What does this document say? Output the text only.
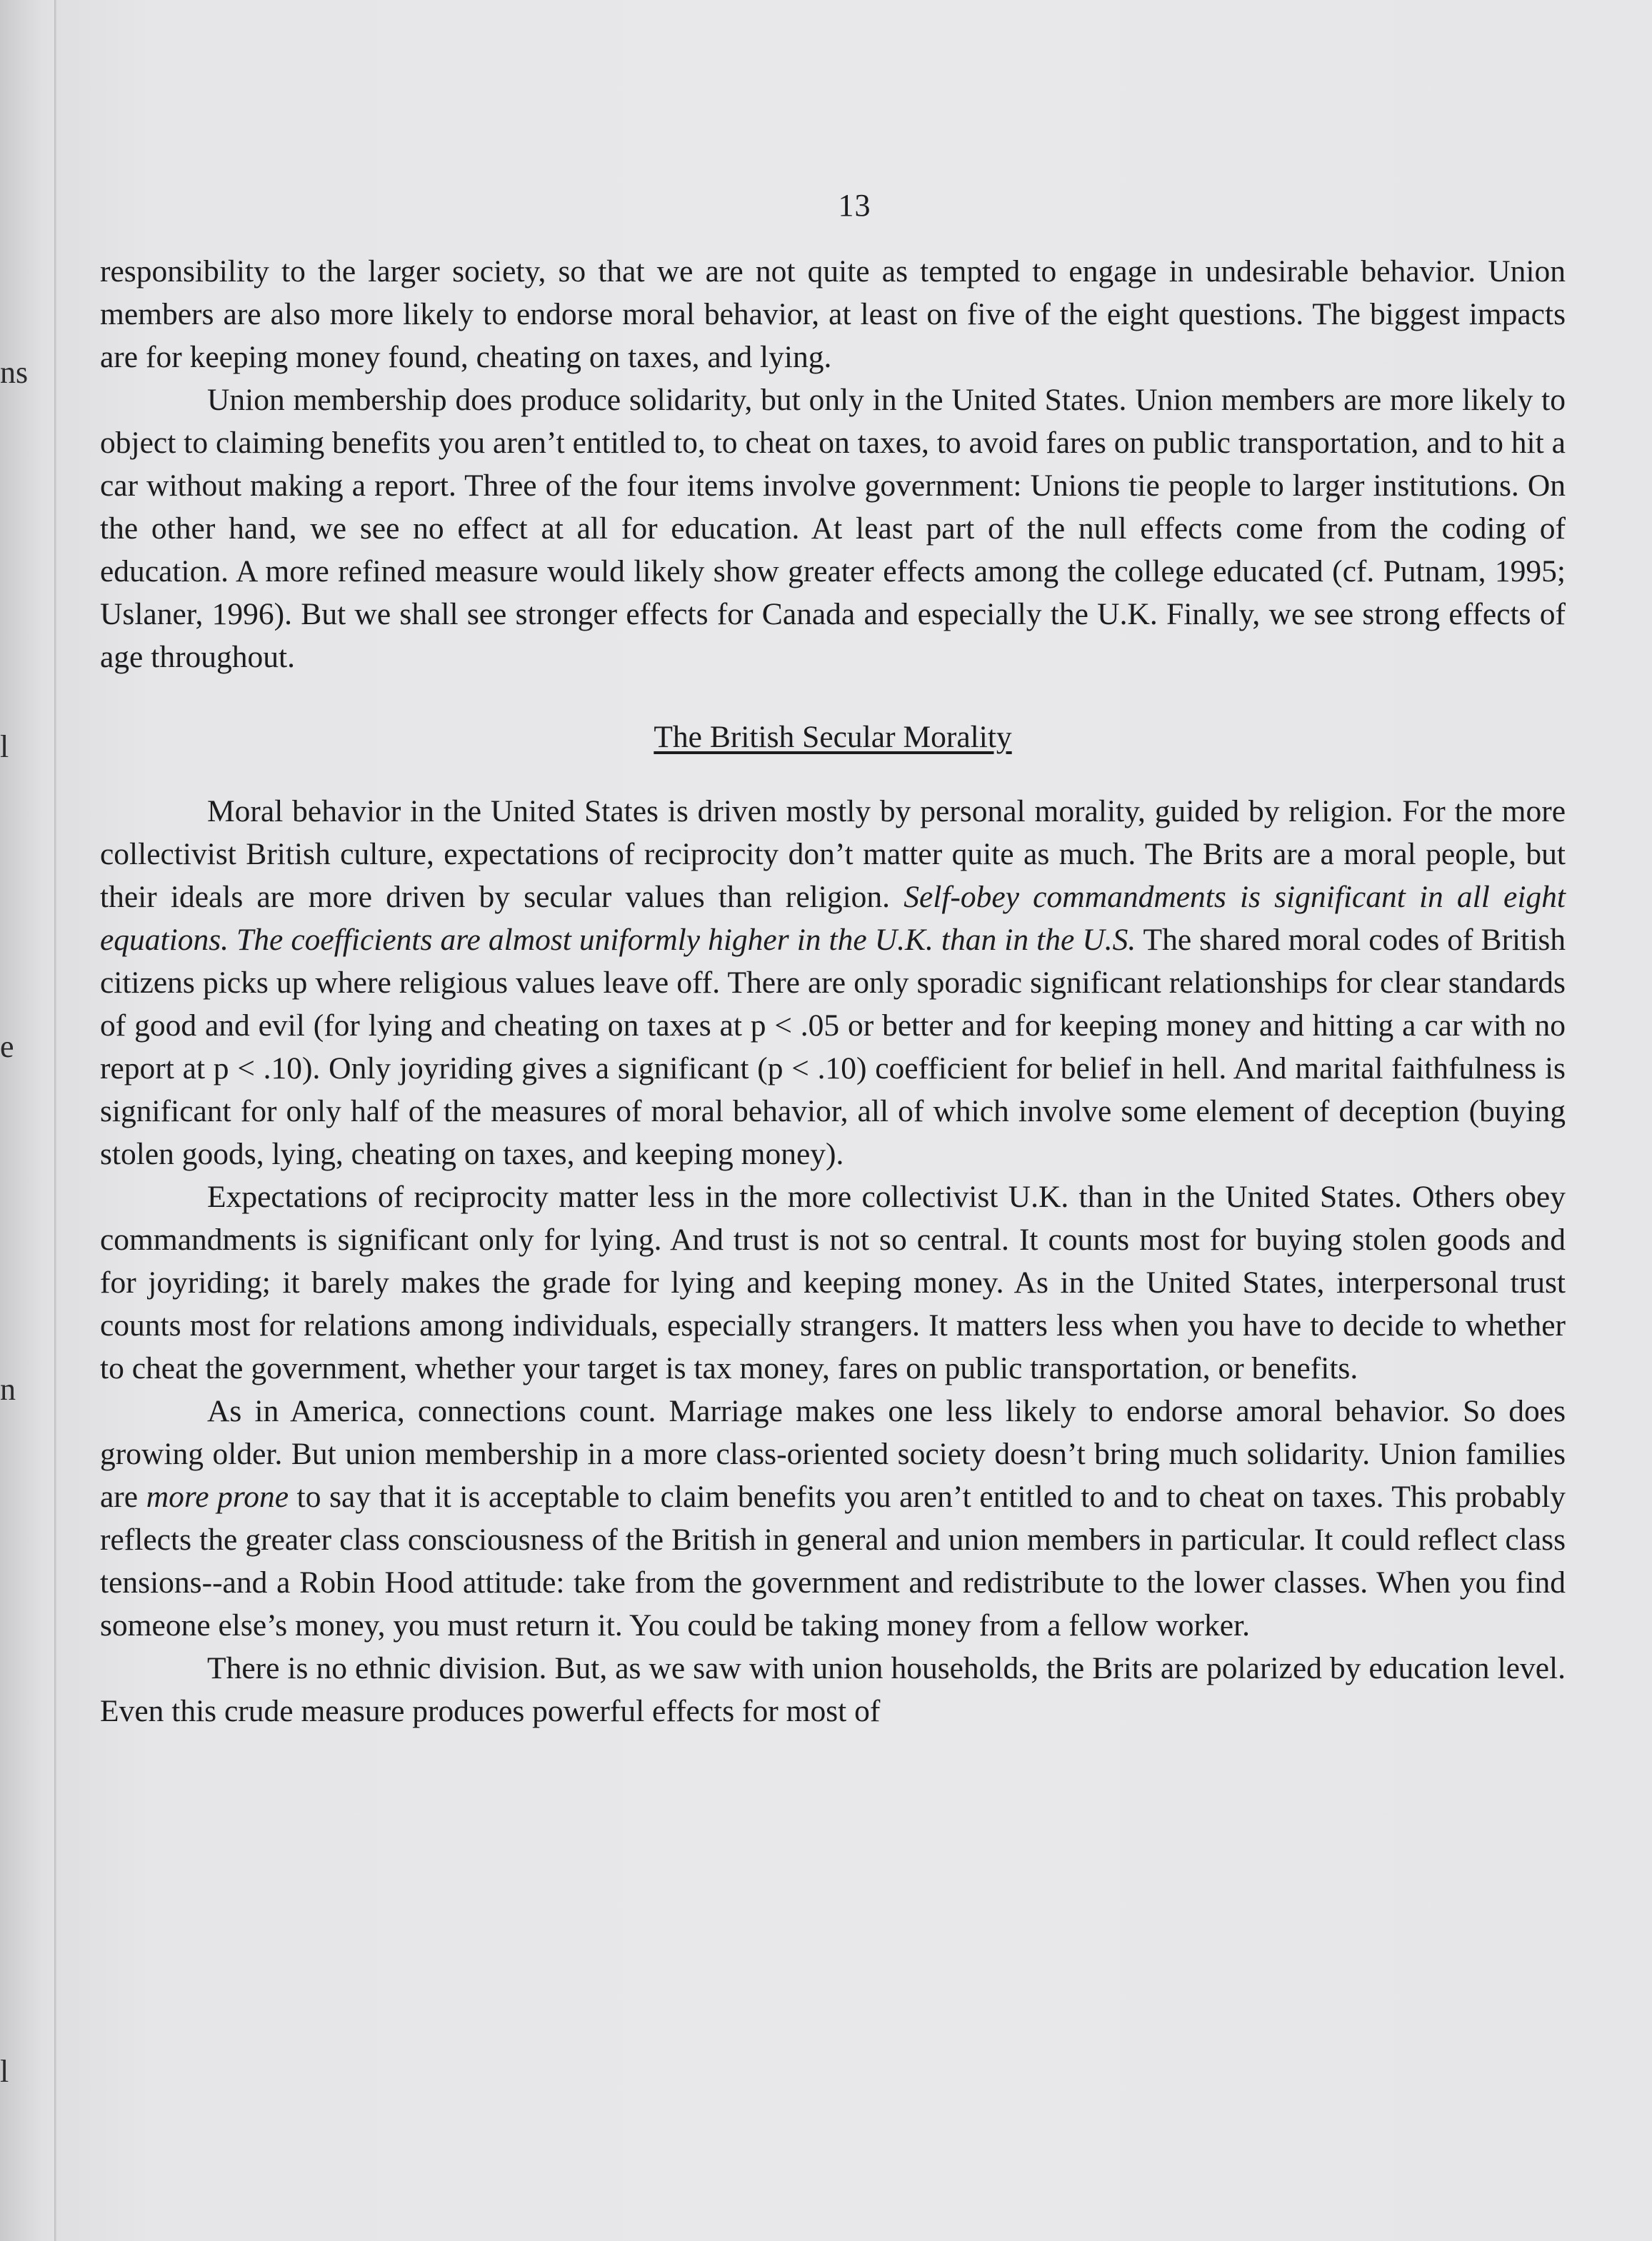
ns
l
e
n
l
13

responsibility to the larger society, so that we are not quite as tempted to engage in undesirable behavior. Union members are also more likely to endorse moral behavior, at least on five of the eight questions. The biggest impacts are for keeping money found, cheating on taxes, and lying.

Union membership does produce solidarity, but only in the United States. Union members are more likely to object to claiming benefits you aren’t entitled to, to cheat on taxes, to avoid fares on public transportation, and to hit a car without making a report. Three of the four items involve government: Unions tie people to larger institutions. On the other hand, we see no effect at all for education. At least part of the null effects come from the coding of education. A more refined measure would likely show greater effects among the college educated (cf. Putnam, 1995; Uslaner, 1996). But we shall see stronger effects for Canada and especially the U.K. Finally, we see strong effects of age throughout.

The British Secular Morality

Moral behavior in the United States is driven mostly by personal morality, guided by religion. For the more collectivist British culture, expectations of reciprocity don’t matter quite as much. The Brits are a moral people, but their ideals are more driven by secular values than religion. Self-obey commandments is significant in all eight equations. The coefficients are almost uniformly higher in the U.K. than in the U.S. The shared moral codes of British citizens picks up where religious values leave off. There are only sporadic significant relationships for clear standards of good and evil (for lying and cheating on taxes at p < .05 or better and for keeping money and hitting a car with no report at p < .10). Only joyriding gives a significant (p < .10) coefficient for belief in hell. And marital faithfulness is significant for only half of the measures of moral behavior, all of which involve some element of deception (buying stolen goods, lying, cheating on taxes, and keeping money).

Expectations of reciprocity matter less in the more collectivist U.K. than in the United States. Others obey commandments is significant only for lying. And trust is not so central. It counts most for buying stolen goods and for joyriding; it barely makes the grade for lying and keeping money. As in the United States, interpersonal trust counts most for relations among individuals, especially strangers. It matters less when you have to decide to whether to cheat the government, whether your target is tax money, fares on public transportation, or benefits.

As in America, connections count. Marriage makes one less likely to endorse amoral behavior. So does growing older. But union membership in a more class-oriented society doesn’t bring much solidarity. Union families are more prone to say that it is acceptable to claim benefits you aren’t entitled to and to cheat on taxes. This probably reflects the greater class consciousness of the British in general and union members in particular. It could reflect class tensions--and a Robin Hood attitude: take from the government and redistribute to the lower classes. When you find someone else’s money, you must return it. You could be taking money from a fellow worker.

There is no ethnic division. But, as we saw with union households, the Brits are polarized by education level. Even this crude measure produces powerful effects for most of
